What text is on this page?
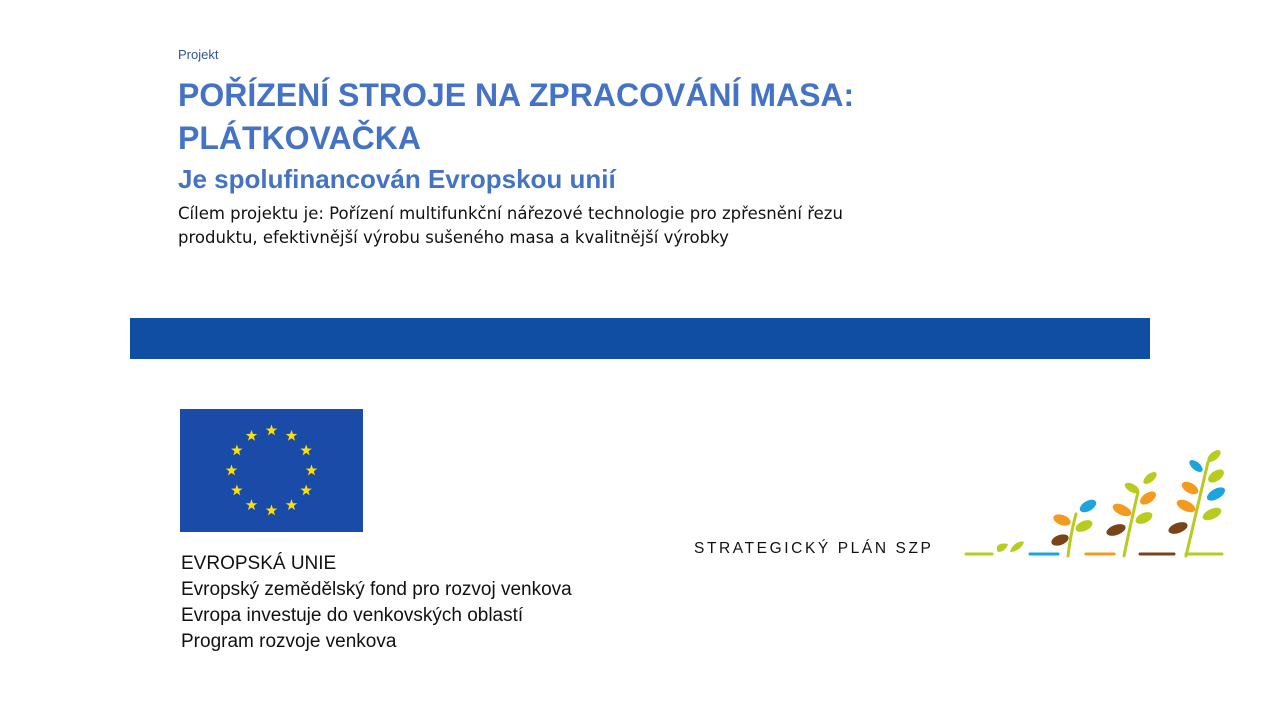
Projekt
POŘÍZENÍ STROJE NA ZPRACOVÁNÍ MASA:
PLÁTKOVAČKA
Je spolufinancován Evropskou unií
Cílem projektu je: Pořízení multifunkční nářezové technologie pro zpřesnění řezu
produktu, efektivnější výrobu sušeného masa a kvalitnější výrobky
EVROPSKÁ UNIE
Evropský zemědělský fond pro rozvoj venkova
Evropa investuje do venkovských oblastí
Program rozvoje venkova
STRATEGICKÝ PLÁN SZP
